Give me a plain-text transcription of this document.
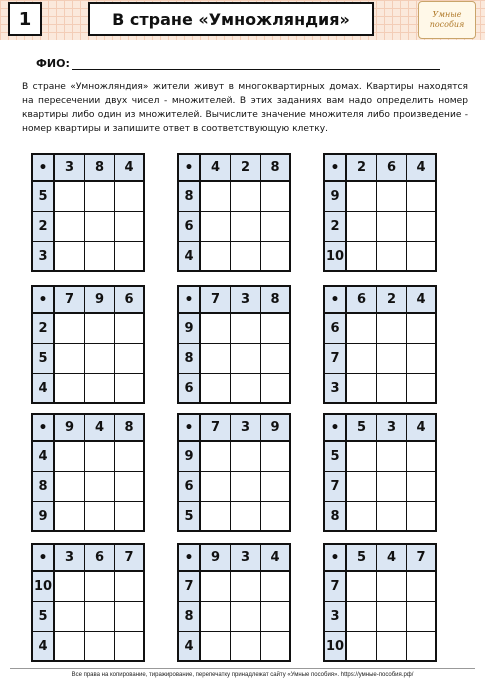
1	В стране «Умножляндия»	Умные
пособия
ФИО:
В стране «Умножляндия» жители живут в многоквартирных домах. Квартиры находятся на пересечении двух чисел - множителей. В этих заданиях вам надо определить номер квартиры либо один из множителей. Вычислите значение множителя либо произведение - номер квартиры и запишите ответ в соответствующую клетку.
•	3	8	4
5
2
3
•	4	2	8
8
6
4
•	2	6	4
9
2
10
•	7	9	6
2
5
4
•	7	3	8
9
8
6
•	6	2	4
6
7
3
•	9	4	8
4
8
9
•	7	3	9
9
6
5
•	5	3	4
5
7
8
•	3	6	7
10
5
4
•	9	3	4
7
8
4
•	5	4	7
7
3
10
Все права на копирование, тиражирование, перепечатку принадлежат сайту «Умные пособия». https://умные-пособия.рф/
